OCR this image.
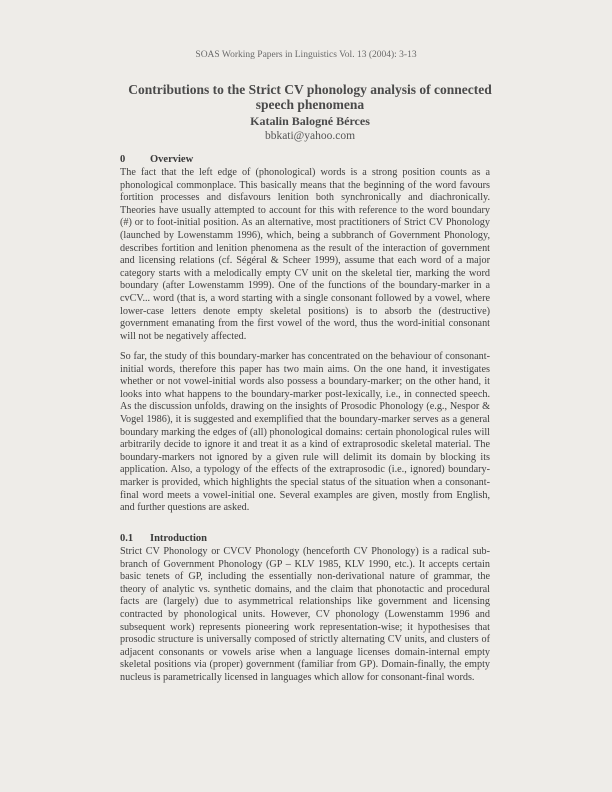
SOAS Working Papers in Linguistics Vol. 13 (2004): 3-13

Contributions to the Strict CV phonology analysis of connected speech phenomena

Katalin Balogné Bérces
bbkati@yahoo.com
0 Overview

The fact that the left edge of (phonological) words is a strong position counts as a phonological commonplace. This basically means that the beginning of the word favours fortition processes and disfavours lenition both synchronically and diachronically. Theories have usually attempted to account for this with reference to the word boundary (#) or to foot-initial position. As an alternative, most practitioners of Strict CV Phonology (launched by Lowenstamm 1996), which, being a subbranch of Government Phonology, describes fortition and lenition phenomena as the result of the interaction of government and licensing relations (cf. Ségéral & Scheer 1999), assume that each word of a major category starts with a melodically empty CV unit on the skeletal tier, marking the word boundary (after Lowenstamm 1999). One of the functions of the boundary-marker in a cvCV... word (that is, a word starting with a single consonant followed by a vowel, where lower-case letters denote empty skeletal positions) is to absorb the (destructive) government emanating from the first vowel of the word, thus the word-initial consonant will not be negatively affected.

So far, the study of this boundary-marker has concentrated on the behaviour of consonant-initial words, therefore this paper has two main aims. On the one hand, it investigates whether or not vowel-initial words also possess a boundary-marker; on the other hand, it looks into what happens to the boundary-marker post-lexically, i.e., in connected speech. As the discussion unfolds, drawing on the insights of Prosodic Phonology (e.g., Nespor & Vogel 1986), it is suggested and exemplified that the boundary-marker serves as a general boundary marking the edges of (all) phonological domains: certain phonological rules will arbitrarily decide to ignore it and treat it as a kind of extraprosodic skeletal material. The boundary-markers not ignored by a given rule will delimit its domain by blocking its application. Also, a typology of the effects of the extraprosodic (i.e., ignored) boundary-marker is provided, which highlights the special status of the situation when a consonant-final word meets a vowel-initial one. Several examples are given, mostly from English, and further questions are asked.

0.1 Introduction

Strict CV Phonology or CVCV Phonology (henceforth CV Phonology) is a radical sub-branch of Government Phonology (GP – KLV 1985, KLV 1990, etc.). It accepts certain basic tenets of GP, including the essentially non-derivational nature of grammar, the theory of analytic vs. synthetic domains, and the claim that phonotactic and procedural facts are (largely) due to asymmetrical relationships like government and licensing contracted by phonological units. However, CV phonology (Lowenstamm 1996 and subsequent work) represents pioneering work representation-wise; it hypothesises that prosodic structure is universally composed of strictly alternating CV units, and clusters of adjacent consonants or vowels arise when a language licenses domain-internal empty skeletal positions via (proper) government (familiar from GP). Domain-finally, the empty nucleus is parametrically licensed in languages which allow for consonant-final words.
